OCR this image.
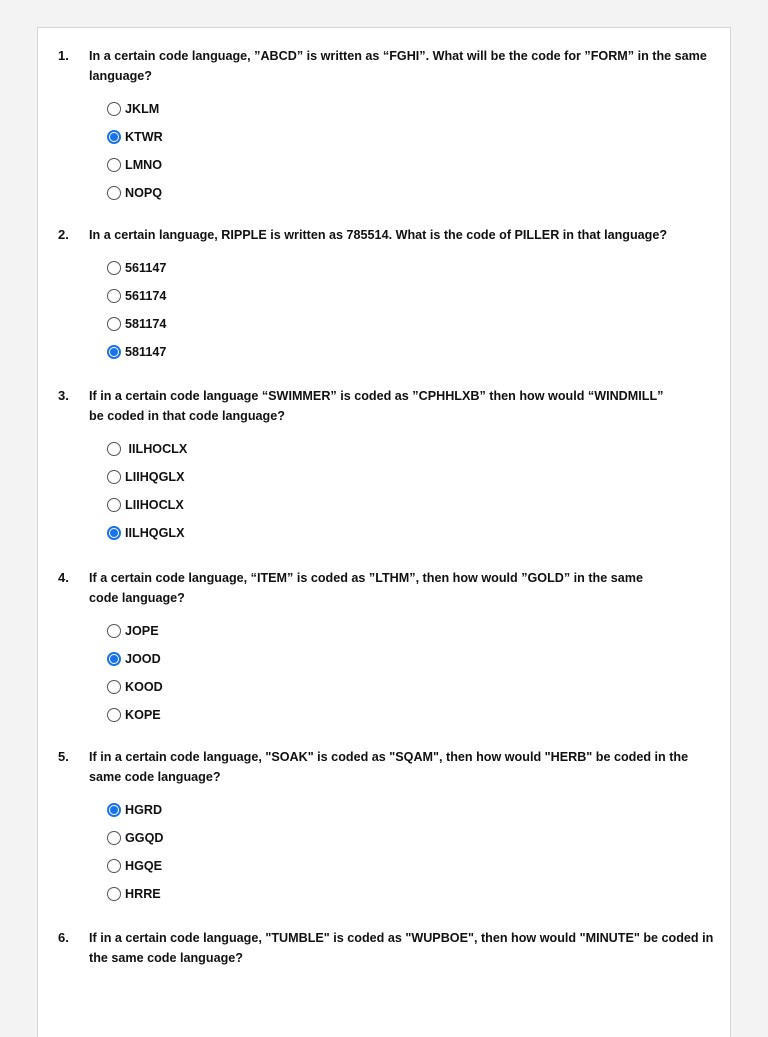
1. In a certain code language, ”ABCD” is written as “FGHI”. What will be the code for ”FORM” in the same language?
JKLM
KTWR
LMNO
NOPQ
2. In a certain language, RIPPLE is written as 785514. What is the code of PILLER in that language?
561147
561174
581174
581147
3. If in a certain code language “SWIMMER” is coded as ”CPHHLXB” then how would “WINDMILL” be coded in that code language?
IILHOCLX
LIIHQGLX
LIIHOCLX
IILHQGLX
4. If a certain code language, “ITEM” is coded as ”LTHM”, then how would ”GOLD” in the same code language?
JOPE
JOOD
KOOD
KOPE
5. If in a certain code language, "SOAK" is coded as "SQAM", then how would "HERB" be coded in the same code language?
HGRD
GGQD
HGQE
HRRE
6. If in a certain code language, "TUMBLE" is coded as "WUPBOE", then how would "MINUTE" be coded in the same code language?
